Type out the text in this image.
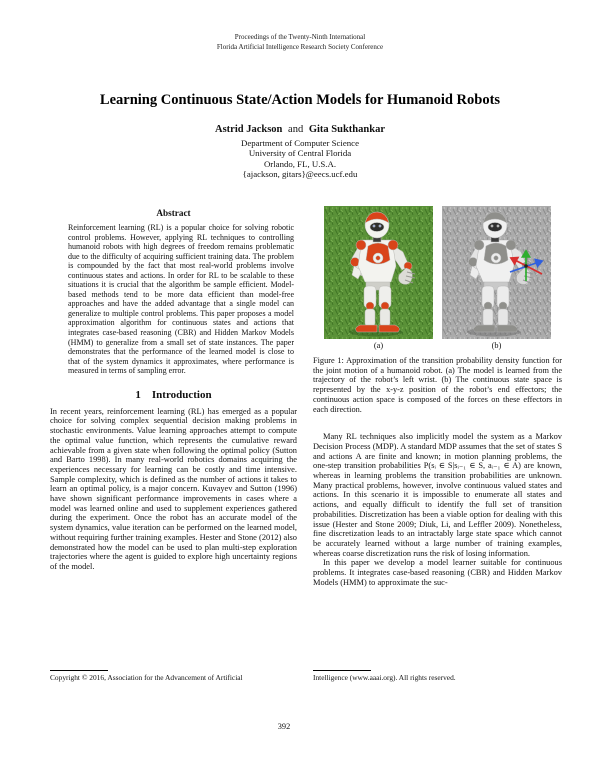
Proceedings of the Twenty-Ninth International
Florida Artificial Intelligence Research Society Conference
Learning Continuous State/Action Models for Humanoid Robots
Astrid Jackson and Gita Sukthankar
Department of Computer Science
University of Central Florida
Orlando, FL, U.S.A.
{ajackson, gitars}@eecs.ucf.edu
Abstract

Reinforcement learning (RL) is a popular choice for solving robotic control problems. However, applying RL techniques to controlling humanoid robots with high degrees of freedom remains problematic due to the difficulty of acquiring sufficient training data. The problem is compounded by the fact that most real-world problems involve continuous states and actions. In order for RL to be scalable to these situations it is crucial that the algorithm be sample efficient. Model-based methods tend to be more data efficient than model-free approaches and have the added advantage that a single model can generalize to multiple control problems. This paper proposes a model approximation algorithm for continuous states and actions that integrates case-based reasoning (CBR) and Hidden Markov Models (HMM) to generalize from a small set of state instances. The paper demonstrates that the performance of the learned model is close to that of the system dynamics it approximates, where performance is measured in terms of sampling error.

1 Introduction

In recent years, reinforcement learning (RL) has emerged as a popular choice for solving complex sequential decision making problems in stochastic environments. Value learning approaches attempt to compute the optimal value function, which represents the cumulative reward achievable from a given state when following the optimal policy (Sutton and Barto 1998). In many real-world robotics domains acquiring the experiences necessary for learning can be costly and time intensive. Sample complexity, which is defined as the number of actions it takes to learn an optimal policy, is a major concern. Kuvayev and Sutton (1996) have shown significant performance improvements in cases where a model was learned online and used to supplement experiences gathered during the experiment. Once the robot has an accurate model of the system dynamics, value iteration can be performed on the learned model, without requiring further training examples. Hester and Stone (2012) also demonstrated how the model can be used to plan multi-step exploration trajectories where the agent is guided to explore high uncertainty regions of the model.

(a)	(b)

Figure 1: Approximation of the transition probability density function for the joint motion of a humanoid robot. (a) The model is learned from the trajectory of the robot’s left wrist. (b) The continuous state space is represented by the x-y-z position of the robot’s end effectors; the continuous action space is composed of the forces on these effectors in each direction.

Many RL techniques also implicitly model the system as a Markov Decision Process (MDP). A standard MDP assumes that the set of states S and actions A are finite and known; in motion planning problems, the one-step transition probabilities P(sᵢ ∈ S|sᵢ₋₁ ∈ S, aᵢ₋₁ ∈ A) are known, whereas in learning problems the transition probabilities are unknown. Many practical problems, however, involve continuous valued states and actions. In this scenario it is impossible to enumerate all states and actions, and equally difficult to identify the full set of transition probabilities. Discretization has been a viable option for dealing with this issue (Hester and Stone 2009; Diuk, Li, and Leffler 2009). Nonetheless, fine discretization leads to an intractably large state space which cannot be accurately learned without a large number of training examples, whereas coarse discretization runs the risk of losing information.

In this paper we develop a model learner suitable for continuous problems. It integrates case-based reasoning (CBR) and Hidden Markov Models (HMM) to approximate the suc-

Copyright © 2016, Association for the Advancement of Artificial	Intelligence (www.aaai.org). All rights reserved.
392
